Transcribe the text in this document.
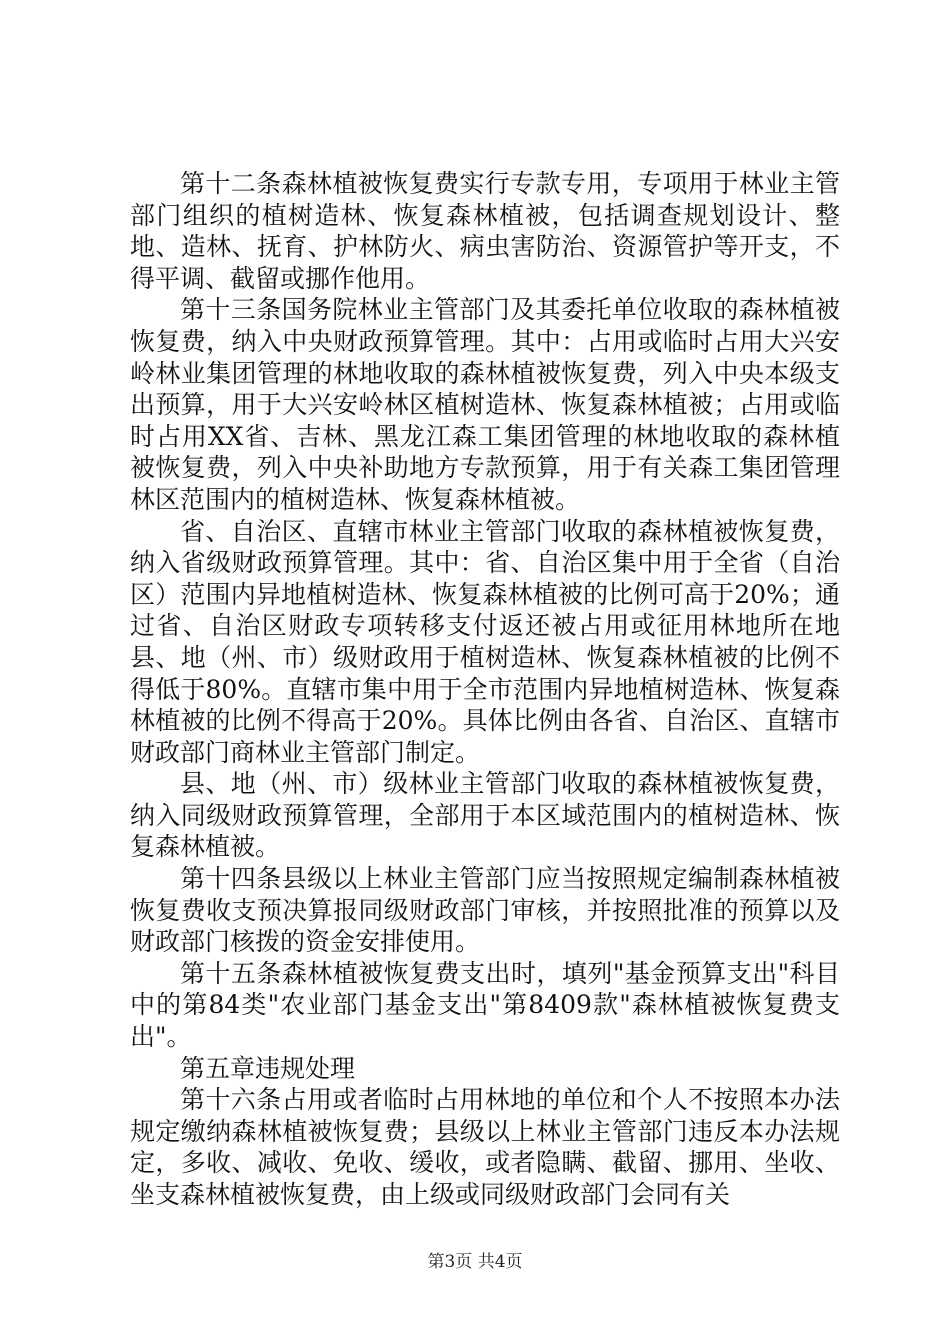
第十二条森林植被恢复费实行专款专用，专项用于林业主管部门组织的植树造林、恢复森林植被，包括调查规划设计、整地、造林、抚育、护林防火、病虫害防治、资源管护等开支，不得平调、截留或挪作他用。

第十三条国务院林业主管部门及其委托单位收取的森林植被恢复费，纳入中央财政预算管理。其中：占用或临时占用大兴安岭林业集团管理的林地收取的森林植被恢复费，列入中央本级支出预算，用于大兴安岭林区植树造林、恢复森林植被；占用或临时占用XX省、吉林、黑龙江森工集团管理的林地收取的森林植被恢复费，列入中央补助地方专款预算，用于有关森工集团管理林区范围内的植树造林、恢复森林植被。

省、自治区、直辖市林业主管部门收取的森林植被恢复费，纳入省级财政预算管理。其中：省、自治区集中用于全省（自治区）范围内异地植树造林、恢复森林植被的比例可高于20%；通过省、自治区财政专项转移支付返还被占用或征用林地所在地县、地（州、市）级财政用于植树造林、恢复森林植被的比例不得低于80%。直辖市集中用于全市范围内异地植树造林、恢复森林植被的比例不得高于20%。具体比例由各省、自治区、直辖市财政部门商林业主管部门制定。

县、地（州、市）级林业主管部门收取的森林植被恢复费，纳入同级财政预算管理，全部用于本区域范围内的植树造林、恢复森林植被。

第十四条县级以上林业主管部门应当按照规定编制森林植被恢复费收支预决算报同级财政部门审核，并按照批准的预算以及财政部门核拨的资金安排使用。

第十五条森林植被恢复费支出时，填列"基金预算支出"科目中的第84类"农业部门基金支出"第8409款"森林植被恢复费支出"。

第五章违规处理

第十六条占用或者临时占用林地的单位和个人不按照本办法规定缴纳森林植被恢复费；县级以上林业主管部门违反本办法规定，多收、减收、免收、缓收，或者隐瞒、截留、挪用、坐收、坐支森林植被恢复费，由上级或同级财政部门会同有关

第3页 共4页
